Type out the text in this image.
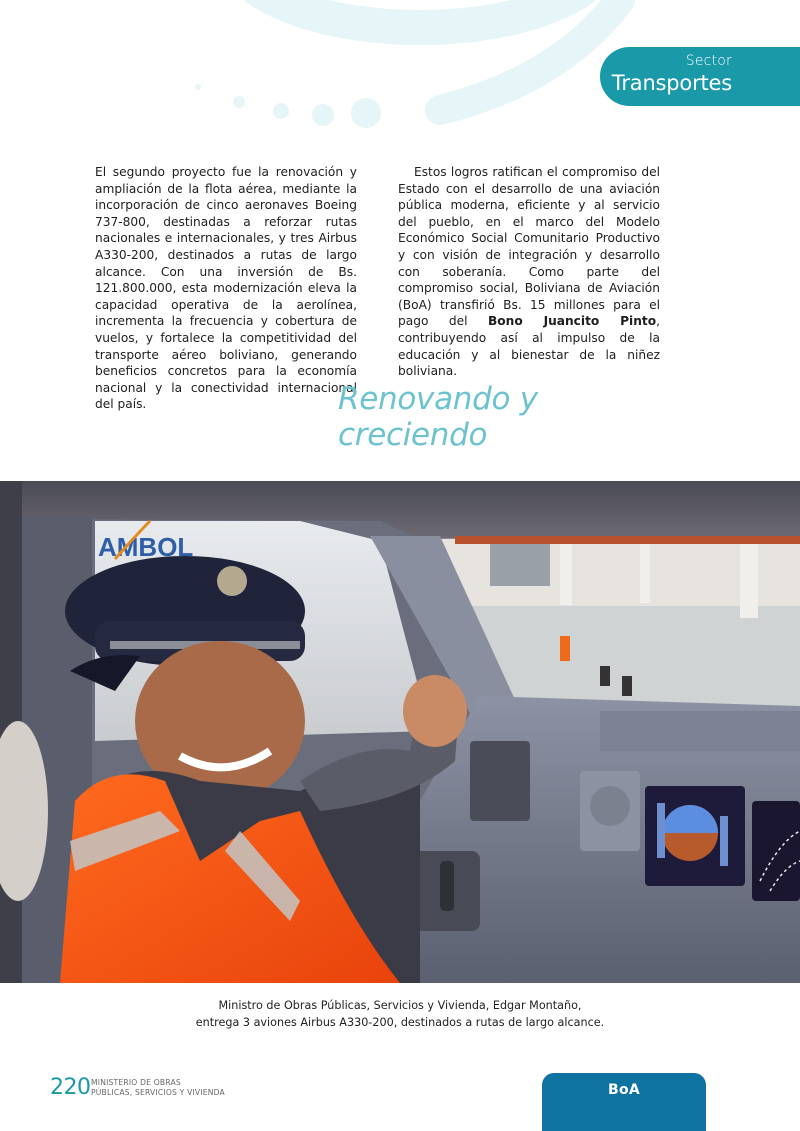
Sector
Transportes

El segundo proyecto fue la renovación y ampliación de la flota aérea, mediante la incorporación de cinco aeronaves Boeing 737-800, destinadas a reforzar rutas nacionales e internacionales, y tres Airbus A330-200, destinados a rutas de largo alcance. Con una inversión de Bs. 121.800.000, esta modernización eleva la capacidad operativa de la aerolínea, incrementa la frecuencia y cobertura de vuelos, y fortalece la competitividad del transporte aéreo boliviano, generando beneficios concretos para la economía nacional y la conectividad internacional del país.

Estos logros ratifican el compromiso del Estado con el desarrollo de una aviación pública moderna, eficiente y al servicio del pueblo, en el marco del Modelo Económico Social Comunitario Productivo y con visión de integración y desarrollo con soberanía. Como parte del compromiso social, Boliviana de Aviación (BoA) transfirió Bs. 15 millones para el pago del Bono Juancito Pinto, contribuyendo así al impulso de la educación y al bienestar de la niñez boliviana.

Renovando y creciendo
AMBOL
Ministro de Obras Públicas, Servicios y Vivienda, Edgar Montaño,
entrega 3 aviones Airbus A330-200, destinados a rutas de largo alcance.
220 MINISTERIO DE OBRAS
PÚBLICAS, SERVICIOS Y VIVIENDA	BoA
